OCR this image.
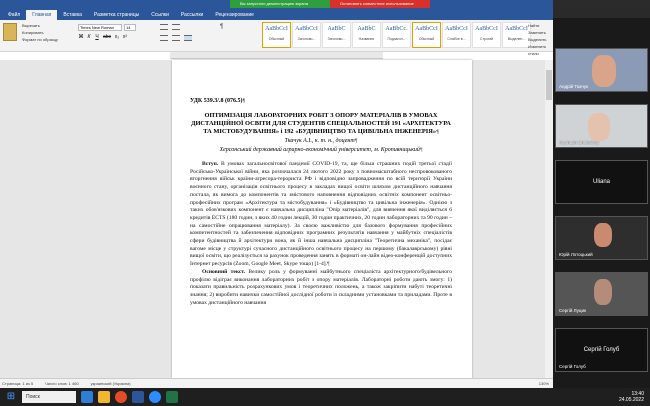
Файл	Главная	Вставка	Разметка страницы	Ссылки	Рассылки	Рецензирование
Вырезать
Копировать
Формат по образцу
Times New Roman	14
Ж К Ч abc x₂ x²
¶	AaBbCcI
Обычный
AaBbCcI
Заголово...
AaBbC
Заголово...
AaBbC
Название
AaBbCc.
Подзагол...
AaBbCcI
Обычный
AaBbCcI
Слабое в...
AaBbCcI
Строгий
AaBbCcI
Выделен...
Найти
Заменить
Выделить
Изменить стили
УДК 539.3/.8 (076.5)¶
ОПТИМІЗАЦІЯ ЛАБОРАТОРНИХ РОБІТ З ОПОРУ МАТЕРІАЛІВ В УМОВАХ ДИСТАНЦІЙНОЇ ОСВІТИ ДЛЯ СТУДЕНТІВ СПЕЦІАЛЬНОСТЕЙ 191 «АРХІТЕКТУРА ТА МІСТОБУДУВАННЯ» і 192 «БУДІВНИЦТВО ТА ЦИВІЛЬНА ІНЖЕНЕРІЯ»¶
Ткачук А.І., к. т. н., доцент¶
Херсонський державний аграрно-економічний університет, м. Кропивницький¶

Вступ. В умовах загальносвітової пандемії COVID-19, та, ще більш страшних подій третьої стадії Російсько-Української війни, яка розпочалася 24 лютого 2022 року з повномасштабного неспровокованого вторгнення військ країни-агресора-терориста РФ і відповідно запровадження по всій території України воєнного стану, організація освітнього процесу в закладах вищої освіти шляхом дистанційного навчання постала, як вимога до компонентів та змістового наповнення відповідних освітніх компонент освітньо-професійних програм «Архітектура та містобудування» і «Будівництво та цивільна інженерія». Однією з таких обов'язкових компонент є навчальна дисципліна "Опір матеріалів", для вивчення якої виділяється 6 кредитів ECTS (180 годин, з яких 40 годин лекцій, 30 годин практичних, 20 годин лабораторних та 90 годин – на самостійне опрацювання матеріалу). За своєю важливістю для базового формування професійних компетентностей та забезпечення відповідних програмних результатів навчання у майбутніх спеціалістів сфери будівництва й архітектури вона, як й інша навчальна дисципліна "Теоретична механіка", посідає вагоме місце у структурі сучасного дистанційного освітнього процесу на першому (бакалаврському) рівні вищої освіти, що реалізується за рахунок проведення занять в форматі он-лайн відео-конференцій доступних Інтернет ресурсів (Zoom, Google Meet, Skype тощо) [1-4].¶

Основний текст. Велику роль у формуванні майбутнього спеціаліста архітектурного/будівельного профілю відіграє виконання лабораторних робіт з опору матеріалів. Лабораторні роботи дають змогу: 1) показати правильність розрахункових умов і теоретичних положень, а також закріпити набуті теоретичні знання; 2) виробити навички самостійної дослідної роботи із складними установками та приладами. Проте в умовах дистанційного навчання

Страница: 1 из 5	Число слов: 1 460	украинский (Украина)	130%
Вы запустили демонстрацию экрана	Остановить совместное использование
Андрій Ткачук
Mychailo Chekalkoy
Uliana
Юрій Лотоцький
Сергій Луцик
Сергій Голуб
Сергій Голуб
⊞	Поиск	13:40
24.05.2022
